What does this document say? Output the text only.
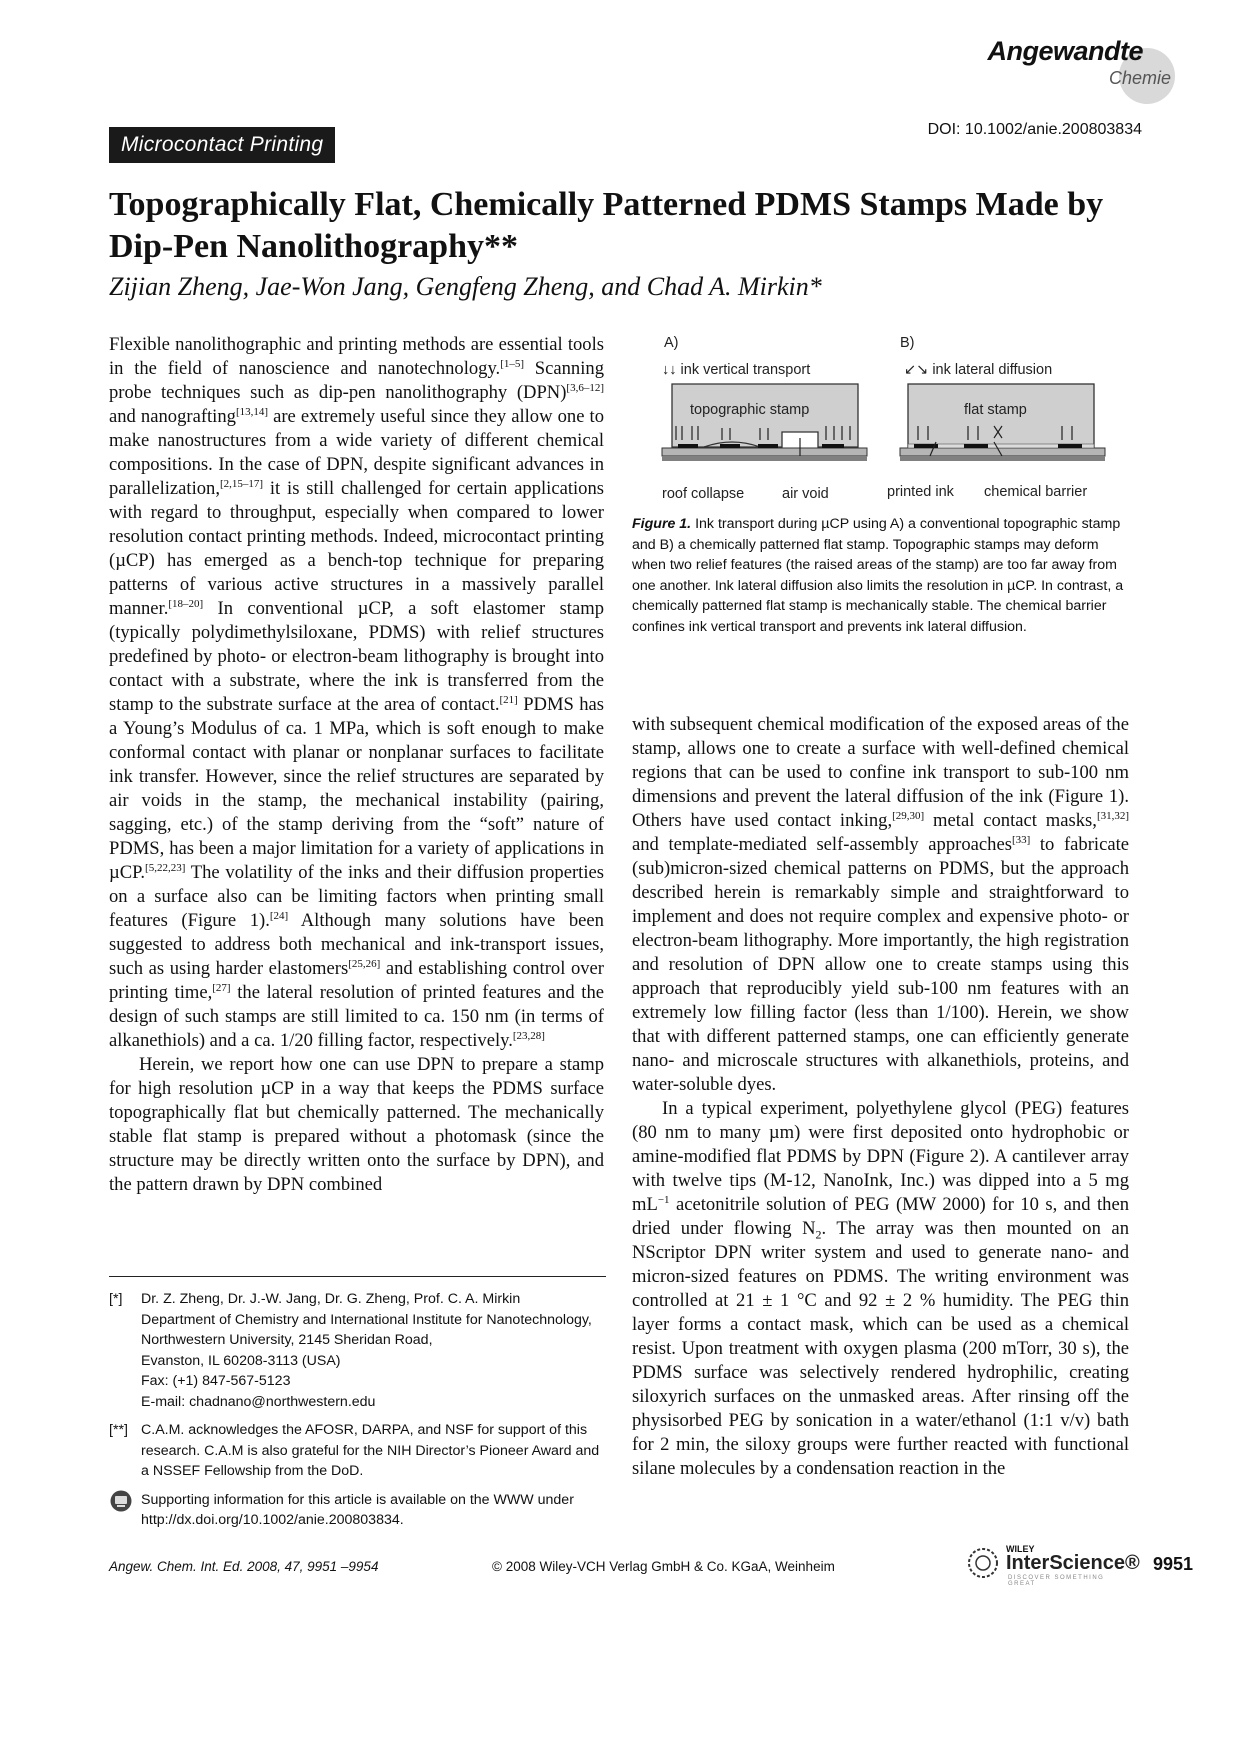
Angewandte
Chemie
DOI: 10.1002/anie.200803834
Microcontact Printing
Topographically Flat, Chemically Patterned PDMS Stamps Made by Dip-Pen Nanolithography**

Zijian Zheng, Jae-Won Jang, Gengfeng Zheng, and Chad A. Mirkin*

Flexible nanolithographic and printing methods are essential tools in the field of nanoscience and nanotechnology.[1–5] Scanning probe techniques such as dip-pen nanolithography (DPN)[3,6–12] and nanografting[13,14] are extremely useful since they allow one to make nanostructures from a wide variety of different chemical compositions. In the case of DPN, despite significant advances in parallelization,[2,15–17] it is still challenged for certain applications with regard to throughput, especially when compared to lower resolution contact printing methods. Indeed, microcontact printing (µCP) has emerged as a bench-top technique for preparing patterns of various active structures in a massively parallel manner.[18–20] In conventional µCP, a soft elastomer stamp (typically polydimethylsiloxane, PDMS) with relief structures predefined by photo- or electron-beam lithography is brought into contact with a substrate, where the ink is transferred from the stamp to the substrate surface at the area of contact.[21] PDMS has a Young’s Modulus of ca. 1 MPa, which is soft enough to make conformal contact with planar or nonplanar surfaces to facilitate ink transfer. However, since the relief structures are separated by air voids in the stamp, the mechanical instability (pairing, sagging, etc.) of the stamp deriving from the “soft” nature of PDMS, has been a major limitation for a variety of applications in µCP.[5,22,23] The volatility of the inks and their diffusion properties on a surface also can be limiting factors when printing small features (Figure 1).[24] Although many solutions have been suggested to address both mechanical and ink-transport issues, such as using harder elastomers[25,26] and establishing control over printing time,[27] the lateral resolution of printed features and the design of such stamps are still limited to ca. 150 nm (in terms of alkanethiols) and a ca. 1/20 filling factor, respectively.[23,28]

Herein, we report how one can use DPN to prepare a stamp for high resolution µCP in a way that keeps the PDMS surface topographically flat but chemically patterned. The mechanically stable flat stamp is prepared without a photomask (since the structure may be directly written onto the surface by DPN), and the pattern drawn by DPN combined

A)	B)
↓↓ ink vertical transport	↙↘ ink lateral diffusion
topographic stamp	flat stamp
roof collapse	air void	printed ink chemical barrier
Figure 1. Ink transport during µCP using A) a conventional topographic stamp and B) a chemically patterned flat stamp. Topographic stamps may deform when two relief features (the raised areas of the stamp) are too far away from one another. Ink lateral diffusion also limits the resolution in µCP. In contrast, a chemically patterned flat stamp is mechanically stable. The chemical barrier confines ink vertical transport and prevents ink lateral diffusion.

with subsequent chemical modification of the exposed areas of the stamp, allows one to create a surface with well-defined chemical regions that can be used to confine ink transport to sub-100 nm dimensions and prevent the lateral diffusion of the ink (Figure 1). Others have used contact inking,[29,30] metal contact masks,[31,32] and template-mediated self-assembly approaches[33] to fabricate (sub)micron-sized chemical patterns on PDMS, but the approach described herein is remarkably simple and straightforward to implement and does not require complex and expensive photo- or electron-beam lithography. More importantly, the high registration and resolution of DPN allow one to create stamps using this approach that reproducibly yield sub-100 nm features with an extremely low filling factor (less than 1/100). Herein, we show that with different patterned stamps, one can efficiently generate nano- and microscale structures with alkanethiols, proteins, and water-soluble dyes.

In a typical experiment, polyethylene glycol (PEG) features (80 nm to many µm) were first deposited onto hydrophobic or amine-modified flat PDMS by DPN (Figure 2). A cantilever array with twelve tips (M-12, NanoInk, Inc.) was dipped into a 5 mg $mL^{-1}$ acetonitrile solution of PEG (MW 2000) for 10 s, and then dried under flowing $N_2$. The array was then mounted on an NScriptor DPN writer system and used to generate nano- and micron-sized features on PDMS. The writing environment was controlled at 21 ± 1 °C and 92 ± 2 % humidity. The PEG thin layer forms a contact mask, which can be used as a chemical resist. Upon treatment with oxygen plasma (200 mTorr, 30 s), the PDMS surface was selectively rendered hydrophilic, creating siloxyrich surfaces on the unmasked areas. After rinsing off the physisorbed PEG by sonication in a water/ethanol (1:1 v/v) bath for 2 min, the siloxy groups were further reacted with functional silane molecules by a condensation reaction in the

[*]	Dr. Z. Zheng, Dr. J.-W. Jang, Dr. G. Zheng, Prof. C. A. Mirkin
Department of Chemistry and International Institute for Nanotechnology, Northwestern University, 2145 Sheridan Road,
Evanston, IL 60208-3113 (USA)
Fax: (+1) 847-567-5123
E-mail: chadnano@northwestern.edu
[**] C.A.M. acknowledges the AFOSR, DARPA, and NSF for support of this research. C.A.M is also grateful for the NIH Director’s Pioneer Award and a NSSEF Fellowship from the DoD.
Supporting information for this article is available on the WWW under http://dx.doi.org/10.1002/anie.200803834.
Angew. Chem. Int. Ed. 2008, 47, 9951 –9954	© 2008 Wiley-VCH Verlag GmbH & Co. KGaA, Weinheim
WILEY
InterScience®
DISCOVER SOMETHING GREAT
9951
